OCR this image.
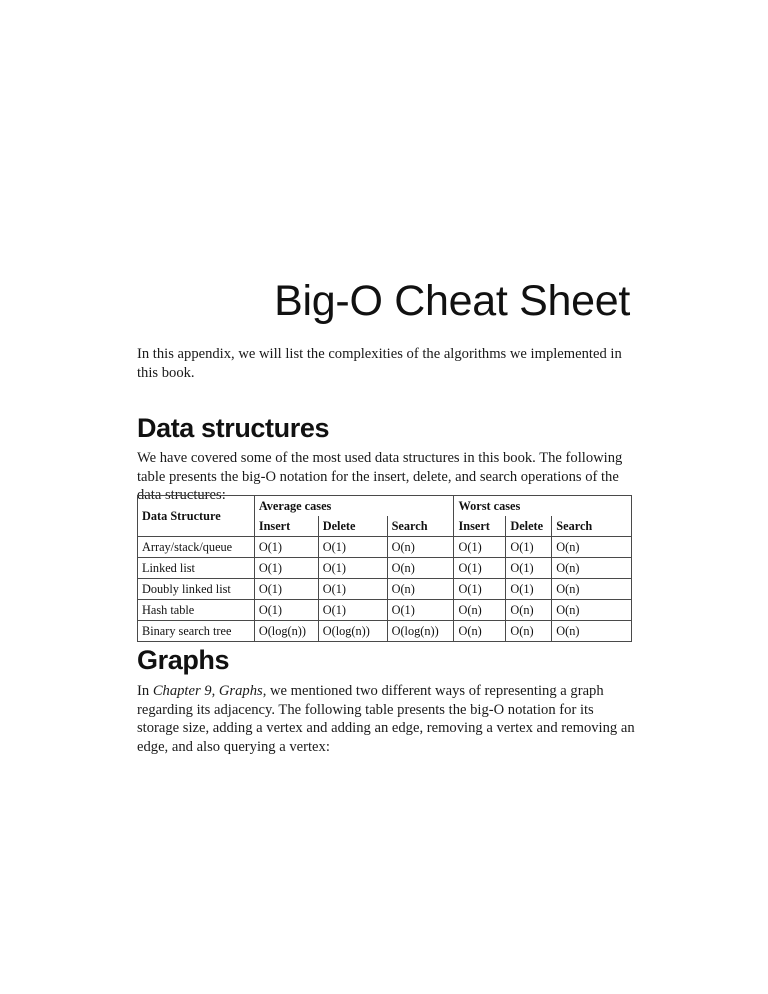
Big-O Cheat Sheet

In this appendix, we will list the complexities of the algorithms we implemented in this book.

Data structures

We have covered some of the most used data structures in this book. The following table presents the big-O notation for the insert, delete, and search operations of the data structures:

Data Structure	Average cases			Worst cases		
	Insert	Delete	Search	Insert	Delete	Search
Array/stack/queue	O(1)	O(1)	O(n)	O(1)	O(1)	O(n)
Linked list	O(1)	O(1)	O(n)	O(1)	O(1)	O(n)
Doubly linked list	O(1)	O(1)	O(n)	O(1)	O(1)	O(n)
Hash table	O(1)	O(1)	O(1)	O(n)	O(n)	O(n)
Binary search tree	O(log(n))	O(log(n))	O(log(n))	O(n)	O(n)	O(n)
Graphs

In Chapter 9, Graphs, we mentioned two different ways of representing a graph regarding its adjacency. The following table presents the big-O notation for its storage size, adding a vertex and adding an edge, removing a vertex and removing an edge, and also querying a vertex:
